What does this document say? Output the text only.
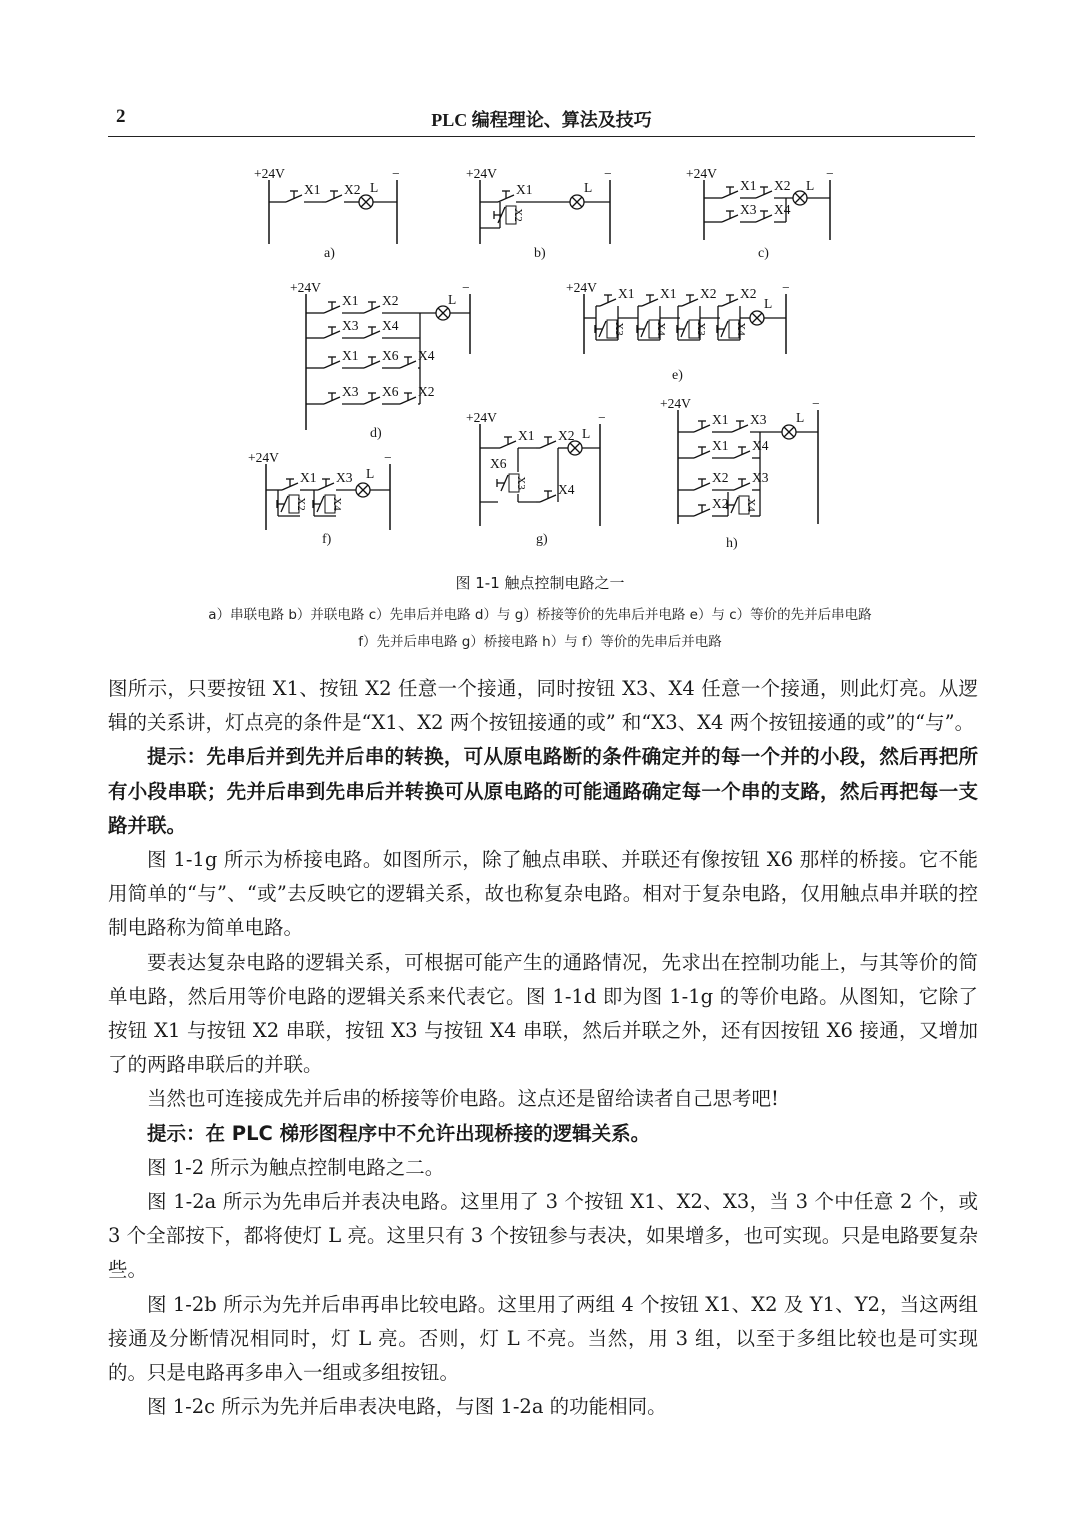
2	PLC 编程理论、算法及技巧
+24V	−
X1 X2 L
+24V	−
X1	L
X2
+24V	−
X1 X2 L
X3 X4
+24V	−
X1 X2	L
X3 X4
X1 X6 X4
X3 X6 X2
+24V	−
X1
X3
X1
X4
X2
X3
X2
X4
L
+24V	−
X1
X2
X3
X4
L
+24V	−
X1 X2 L
X6
X3 X4
+24V	−
X1 X3 L
X1 X4
X2 X3
X2 X4
a)	b)	c)
d)
e)
f)	g)	h)
图 1-1 触点控制电路之一
a）串联电路 b）并联电路 c）先串后并电路 d）与 g）桥接等价的先串后并电路 e）与 c）等价的先并后串电路
f）先并后串电路 g）桥接电路 h）与 f）等价的先串后并电路

图所示，只要按钮 X1、按钮 X2 任意一个接通，同时按钮 X3、X4 任意一个接通，则此灯亮。从逻辑的关系讲，灯点亮的条件是“X1、X2 两个按钮接通的或” 和“X3、X4 两个按钮接通的或”的“与”。

提示：先串后并到先并后串的转换，可从原电路断的条件确定并的每一个并的小段，然后再把所有小段串联；先并后串到先串后并转换可从原电路的可能通路确定每一个串的支路，然后再把每一支路并联。

图 1-1g 所示为桥接电路。如图所示，除了触点串联、并联还有像按钮 X6 那样的桥接。它不能用简单的“与”、“或”去反映它的逻辑关系，故也称复杂电路。相对于复杂电路，仅用触点串并联的控制电路称为简单电路。

要表达复杂电路的逻辑关系，可根据可能产生的通路情况，先求出在控制功能上，与其等价的简单电路，然后用等价电路的逻辑关系来代表它。图 1-1d 即为图 1-1g 的等价电路。从图知，它除了按钮 X1 与按钮 X2 串联，按钮 X3 与按钮 X4 串联，然后并联之外，还有因按钮 X6 接通，又增加了的两路串联后的并联。

当然也可连接成先并后串的桥接等价电路。这点还是留给读者自己思考吧!

提示：在 PLC 梯形图程序中不允许出现桥接的逻辑关系。

图 1-2 所示为触点控制电路之二。

图 1-2a 所示为先串后并表决电路。这里用了 3 个按钮 X1、X2、X3，当 3 个中任意 2 个，或 3 个全部按下，都将使灯 L 亮。这里只有 3 个按钮参与表决，如果增多，也可实现。只是电路要复杂些。

图 1-2b 所示为先并后串再串比较电路。这里用了两组 4 个按钮 X1、X2 及 Y1、Y2，当这两组接通及分断情况相同时，灯 L 亮。否则，灯 L 不亮。当然，用 3 组，以至于多组比较也是可实现的。只是电路再多串入一组或多组按钮。

图 1-2c 所示为先并后串表决电路，与图 1-2a 的功能相同。
